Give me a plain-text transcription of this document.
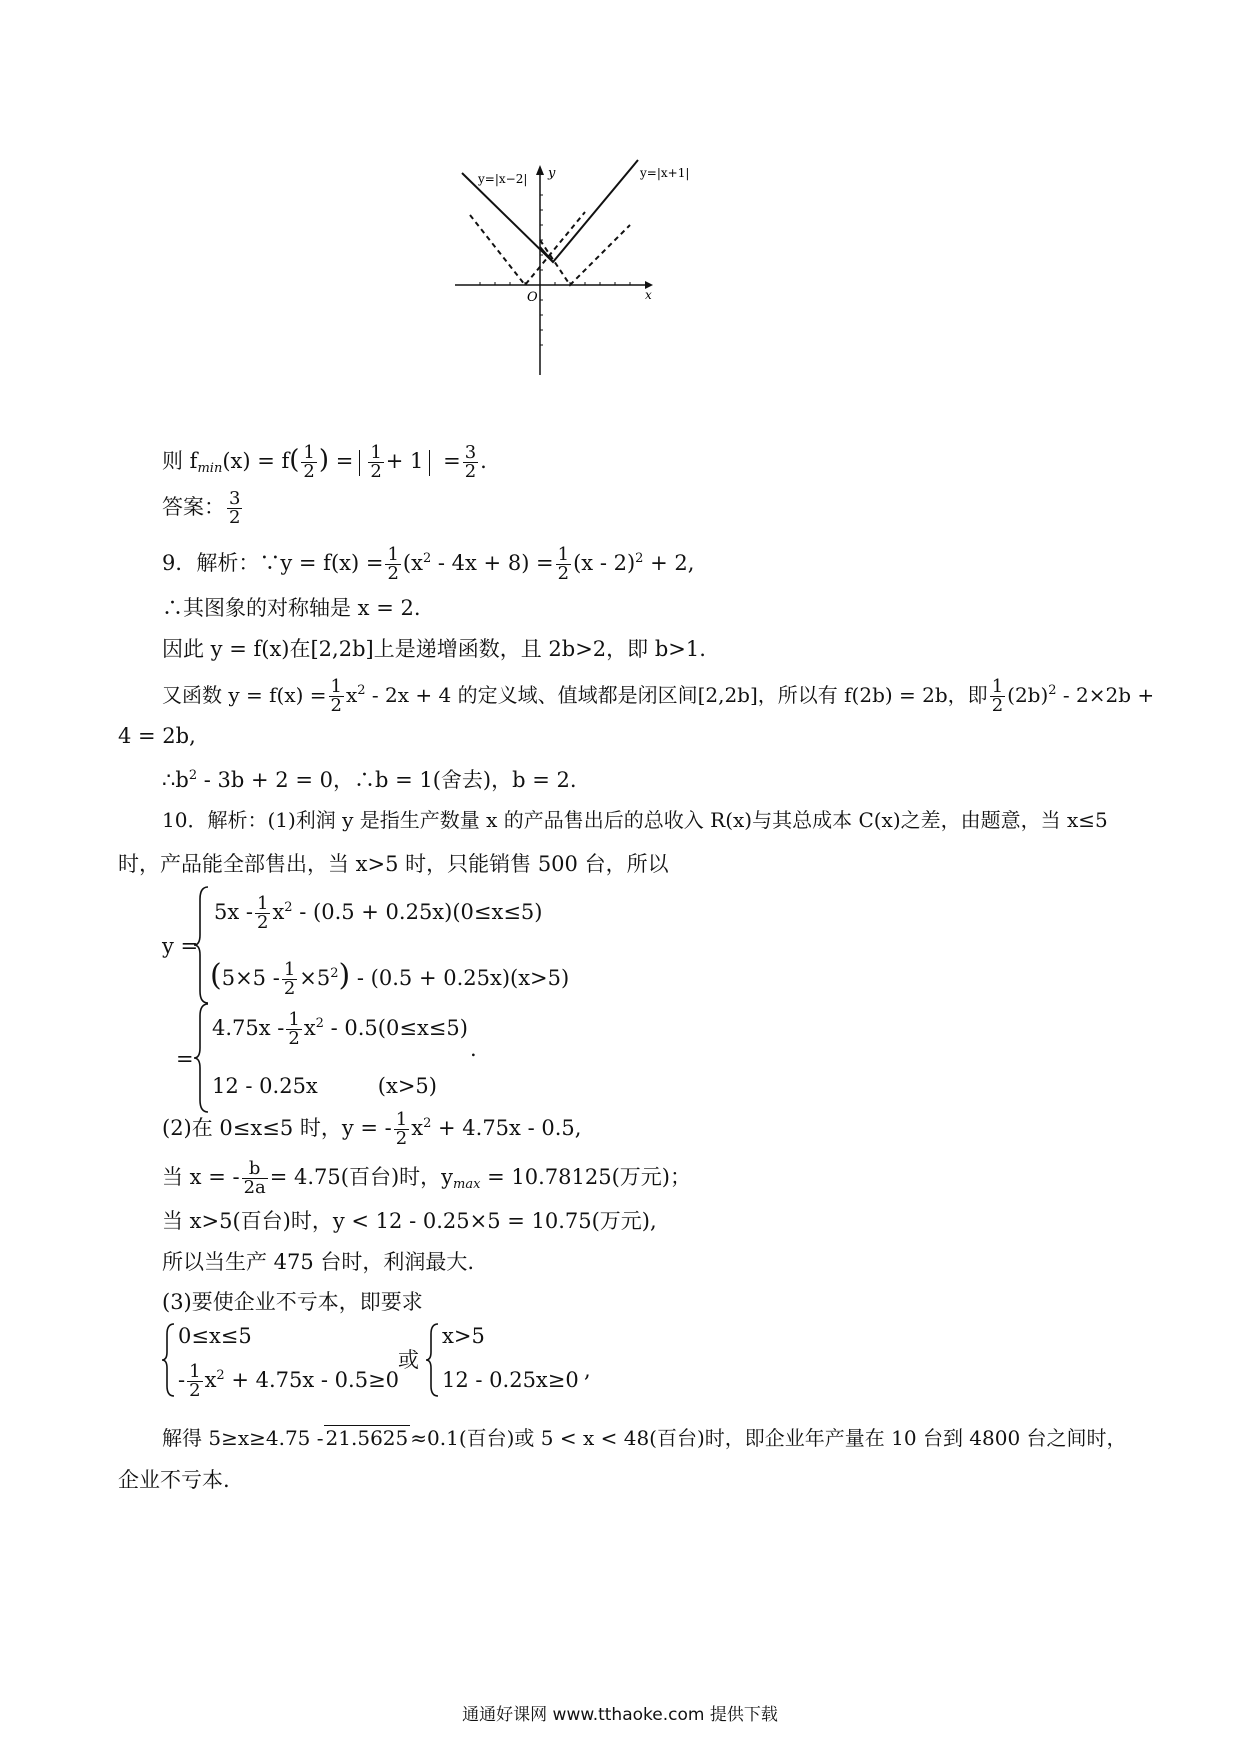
y=|x−2|	y=|x+1|
y
x
O
则 $f_{min}(x) = f( \frac{1}{2}$ ) = $\frac{1}{2} + 1 = \frac{3}{2}$ .
答案： $\frac{3}{2}$
9．解析：∵y = $f(x) = \frac{1}{2} (x^2 - 4x + 8) = \frac{1}{2} (x - 2)^2 + 2$,
∴其图象的对称轴是 x = 2.
因此 y = f(x)在[2,2b]上是递增函数，且 2b>2，即 b>1.
又函数 $y = f(x) = \frac{1}{2} x^2 - 2x + 4$ 的定义域、值域都是闭区间[2,2b]，所以有 f(2b) = 2b，即 $\frac{1}{2} (2b)^2 - 2\times 2b$ +
4 = 2b,
$\therefore b^2 - 3b + 2 = 0$，∴b = 1(舍去)，b = 2.
10．解析：(1)利润 y 是指生产数量 x 的产品售出后的总收入 R(x)与其总成本 C(x)之差，由题意，当 x≤5
时，产品能全部售出，当 x>5 时，只能销售 500 台，所以
y =
$5x - \frac{1}{2} x^2 - (0.5 + 0.25x)(0\le x\le 5)$
$(5\times 5 - \frac{1}{2} \times 5^2) - (0.5 + 0.25x)(x>5)$
=
$4.75x - \frac{1}{2} x^2 - 0.5(0\le x\le 5)$
12 - 0.25x	(x>5)
.
(2)在 0≤x≤5 时，y = - $\frac{1}{2} x^2 + 4.75x - 0.5$,
当 x = - $\frac{b}{2a} = 4.75$(百台)时，$y_{max} = 10.78125$(万元)；
当 x>5(百台)时，y < 12 - 0.25×5 = 10.75(万元),
所以当生产 475 台时，利润最大.
(3)要使企业不亏本，即要求
0≤x≤5
- $\frac{1}{2} x^2 + 4.75x - 0.5\ge 0$
或
x>5
12 - 0.25x≥0 ,
解得 5≥x≥4.75 - 21.5625 ≈0.1(百台)或 5 < x < 48(百台)时，即企业年产量在 10 台到 4800 台之间时，
企业不亏本.
通通好课网 www.tthaoke.com 提供下载
